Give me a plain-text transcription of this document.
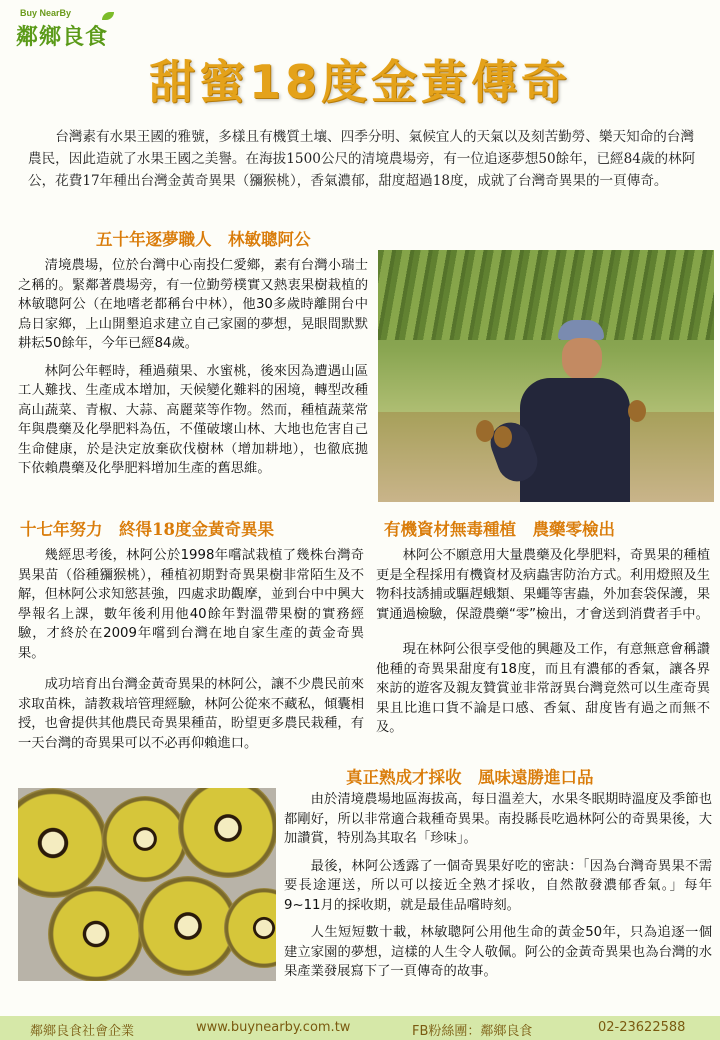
Buy NearBy
鄰鄉良食
甜蜜18度金黃傳奇

台灣素有水果王國的雅號，多樣且有機質土壤、四季分明、氣候宜人的天氣以及刻苦勤勞、樂天知命的台灣農民，因此造就了水果王國之美譽。在海拔1500公尺的清境農場旁，有一位追逐夢想50餘年，已經84歲的林阿公，花費17年種出台灣金黃奇異果（獼猴桃），香氣濃郁，甜度超過18度，成就了台灣奇異果的一頁傳奇。

五十年逐夢職人　林敏聰阿公

清境農場，位於台灣中心南投仁愛鄉，素有台灣小瑞士之稱的。緊鄰著農場旁，有一位勤勞樸實又熱衷果樹栽植的林敏聰阿公（在地嗜老都稱台中林），他30多歲時離開台中烏日家鄉，上山開墾追求建立自己家園的夢想，晃眼間默默耕耘50餘年，今年已經84歲。

林阿公年輕時，種過蘋果、水蜜桃，後來因為遭遇山區工人難找、生產成本增加，天候變化難料的困境，轉型改種高山蔬菜、青椒、大蒜、高麗菜等作物。然而，種植蔬菜常年與農藥及化學肥料為伍，不僅破壞山林、大地也危害自己生命健康，於是決定放棄砍伐樹林（增加耕地），也徹底拋下依賴農藥及化學肥料增加生產的舊思維。

十七年努力　終得18度金黃奇異果	有機資材無毒種植　農藥零檢出

幾經思考後，林阿公於1998年嚐試栽植了幾株台灣奇異果苗（俗種獼猴桃），種植初期對奇異果樹非常陌生及不解，但林阿公求知慾甚強，四處求助觀摩，並到台中中興大學報名上課，數年後利用他40餘年對溫帶果樹的實務經驗，才終於在2009年嚐到台灣在地自家生產的黃金奇異果。

成功培育出台灣金黃奇異果的林阿公，讓不少農民前來求取苗株，請教栽培管理經驗，林阿公從來不藏私，傾囊相授，也會提供其他農民奇異果種苗，盼望更多農民栽種，有一天台灣的奇異果可以不必再仰賴進口。

林阿公不願意用大量農藥及化學肥料，奇異果的種植更是全程採用有機資材及病蟲害防治方式。利用燈照及生物科技誘捕或驅趕蛾類、果蠅等害蟲，外加套袋保護，果實通過檢驗，保證農藥“零”檢出，才會送到消費者手中。

現在林阿公很享受他的興趣及工作，有意無意會稱讚他種的奇異果甜度有18度，而且有濃郁的香氣，讓各界來訪的遊客及親友贊賞並非常訝異台灣竟然可以生產奇異果且比進口貨不論是口感、香氣、甜度皆有過之而無不及。

真正熟成才採收　風味遠勝進口品

由於清境農場地區海拔高，每日溫差大，水果冬眠期時溫度及季節也都剛好，所以非常適合栽種奇異果。南投縣長吃過林阿公的奇異果後，大加讚賞，特別為其取名「珍味」。

最後，林阿公透露了一個奇異果好吃的密訣：「因為台灣奇異果不需要長途運送，所以可以接近全熟才採收，自然散發濃郁香氣。」每年9~11月的採收期，就是最佳品嚐時刻。

人生短短數十載，林敏聰阿公用他生命的黃金50年，只為追逐一個建立家園的夢想，這樣的人生令人敬佩。阿公的金黃奇異果也為台灣的水果產業發展寫下了一頁傳奇的故事。

鄰鄉良食社會企業	www.buynearby.com.tw	FB粉絲團：鄰鄉良食	02-23622588
